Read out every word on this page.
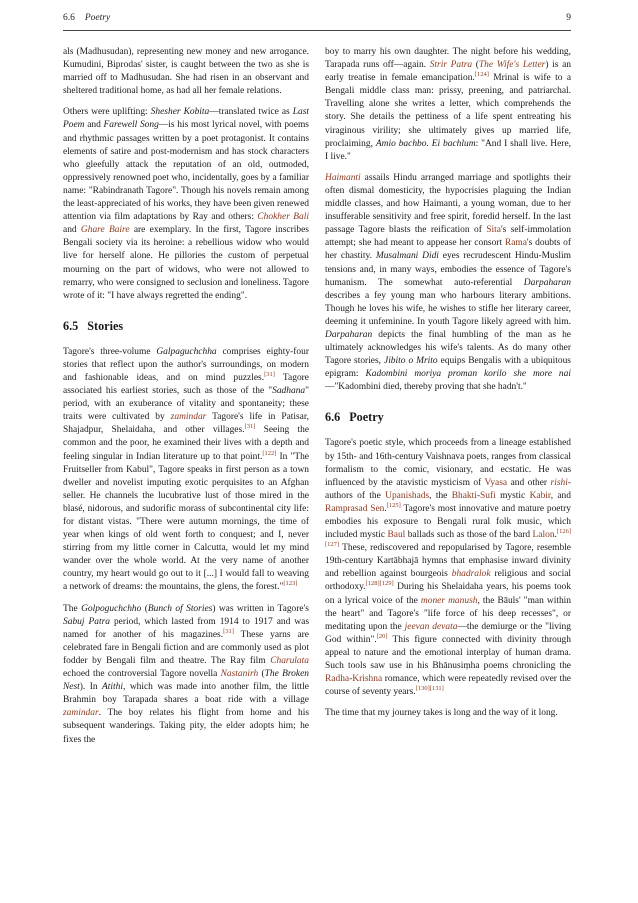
6.6 Poetry	9

als (Madhusudan), representing new money and new arrogance. Kumudini, Biprodas' sister, is caught between the two as she is married off to Madhusudan. She had risen in an observant and sheltered traditional home, as had all her female relations.

Others were uplifting: Shesher Kobita—translated twice as Last Poem and Farewell Song—is his most lyrical novel, with poems and rhythmic passages written by a poet protagonist. It contains elements of satire and post-modernism and has stock characters who gleefully attack the reputation of an old, outmoded, oppressively renowned poet who, incidentally, goes by a familiar name: "Rabindranath Tagore". Though his novels remain among the least-appreciated of his works, they have been given renewed attention via film adaptations by Ray and others: Chokher Bali and Ghare Baire are exemplary. In the first, Tagore inscribes Bengali society via its heroine: a rebellious widow who would live for herself alone. He pillories the custom of perpetual mourning on the part of widows, who were not allowed to remarry, who were consigned to seclusion and loneliness. Tagore wrote of it: "I have always regretted the ending".

6.5 Stories

Tagore's three-volume Galpaguchchha comprises eighty-four stories that reflect upon the author's surroundings, on modern and fashionable ideas, and on mind puzzles.[31] Tagore associated his earliest stories, such as those of the "Sadhana" period, with an exuberance of vitality and spontaneity; these traits were cultivated by zamindar Tagore's life in Patisar, Shajadpur, Shelaidaha, and other villages.[31] Seeing the common and the poor, he examined their lives with a depth and feeling singular in Indian literature up to that point.[122] In "The Fruitseller from Kabul", Tagore speaks in first person as a town dweller and novelist imputing exotic perquisites to an Afghan seller. He channels the lucubrative lust of those mired in the blasé, nidorous, and sudorific morass of subcontinental city life: for distant vistas. "There were autumn mornings, the time of year when kings of old went forth to conquest; and I, never stirring from my little corner in Calcutta, would let my mind wander over the whole world. At the very name of another country, my heart would go out to it [...] I would fall to weaving a network of dreams: the mountains, the glens, the forest."[123]

The Golpoguchchho (Bunch of Stories) was written in Tagore's Sabuj Patra period, which lasted from 1914 to 1917 and was named for another of his magazines.[31] These yarns are celebrated fare in Bengali fiction and are commonly used as plot fodder by Bengali film and theatre. The Ray film Charulata echoed the controversial Tagore novella Nastanirh (The Broken Nest). In Atithi, which was made into another film, the little Brahmin boy Tarapada shares a boat ride with a village zamindar. The boy relates his flight from home and his subsequent wanderings. Taking pity, the elder adopts him; he fixes the

boy to marry his own daughter. The night before his wedding, Tarapada runs off—again. Strir Patra (The Wife's Letter) is an early treatise in female emancipation.[124] Mrinal is wife to a Bengali middle class man: prissy, preening, and patriarchal. Travelling alone she writes a letter, which comprehends the story. She details the pettiness of a life spent entreating his viraginous virility; she ultimately gives up married life, proclaiming, Amio bachbo. Ei bachlum: "And I shall live. Here, I live."

Haimanti assails Hindu arranged marriage and spotlights their often dismal domesticity, the hypocrisies plaguing the Indian middle classes, and how Haimanti, a young woman, due to her insufferable sensitivity and free spirit, foredid herself. In the last passage Tagore blasts the reification of Sita's self-immolation attempt; she had meant to appease her consort Rama's doubts of her chastity. Musalmani Didi eyes recrudescent Hindu-Muslim tensions and, in many ways, embodies the essence of Tagore's humanism. The somewhat auto-referential Darpaharan describes a fey young man who harbours literary ambitions. Though he loves his wife, he wishes to stifle her literary career, deeming it unfeminine. In youth Tagore likely agreed with him. Darpaharan depicts the final humbling of the man as he ultimately acknowledges his wife's talents. As do many other Tagore stories, Jibito o Mrito equips Bengalis with a ubiquitous epigram: Kadombini moriya proman korilo she more nai—"Kadombini died, thereby proving that she hadn't."

6.6 Poetry

Tagore's poetic style, which proceeds from a lineage established by 15th- and 16th-century Vaishnava poets, ranges from classical formalism to the comic, visionary, and ecstatic. He was influenced by the atavistic mysticism of Vyasa and other rishi-authors of the Upanishads, the Bhakti-Sufi mystic Kabir, and Ramprasad Sen.[125] Tagore's most innovative and mature poetry embodies his exposure to Bengali rural folk music, which included mystic Baul ballads such as those of the bard Lalon.[126][127] These, rediscovered and repopularised by Tagore, resemble 19th-century Kartābhajā hymns that emphasise inward divinity and rebellion against bourgeois bhadralok religious and social orthodoxy.[128][129] During his Shelaidaha years, his poems took on a lyrical voice of the moner manush, the Bāuls' "man within the heart" and Tagore's "life force of his deep recesses", or meditating upon the jeevan devata—the demiurge or the "living God within".[20] This figure connected with divinity through appeal to nature and the emotional interplay of human drama. Such tools saw use in his Bhānusiṃha poems chronicling the Radha-Krishna romance, which were repeatedly revised over the course of seventy years.[130][131]

The time that my journey takes is long and the way of it long.
